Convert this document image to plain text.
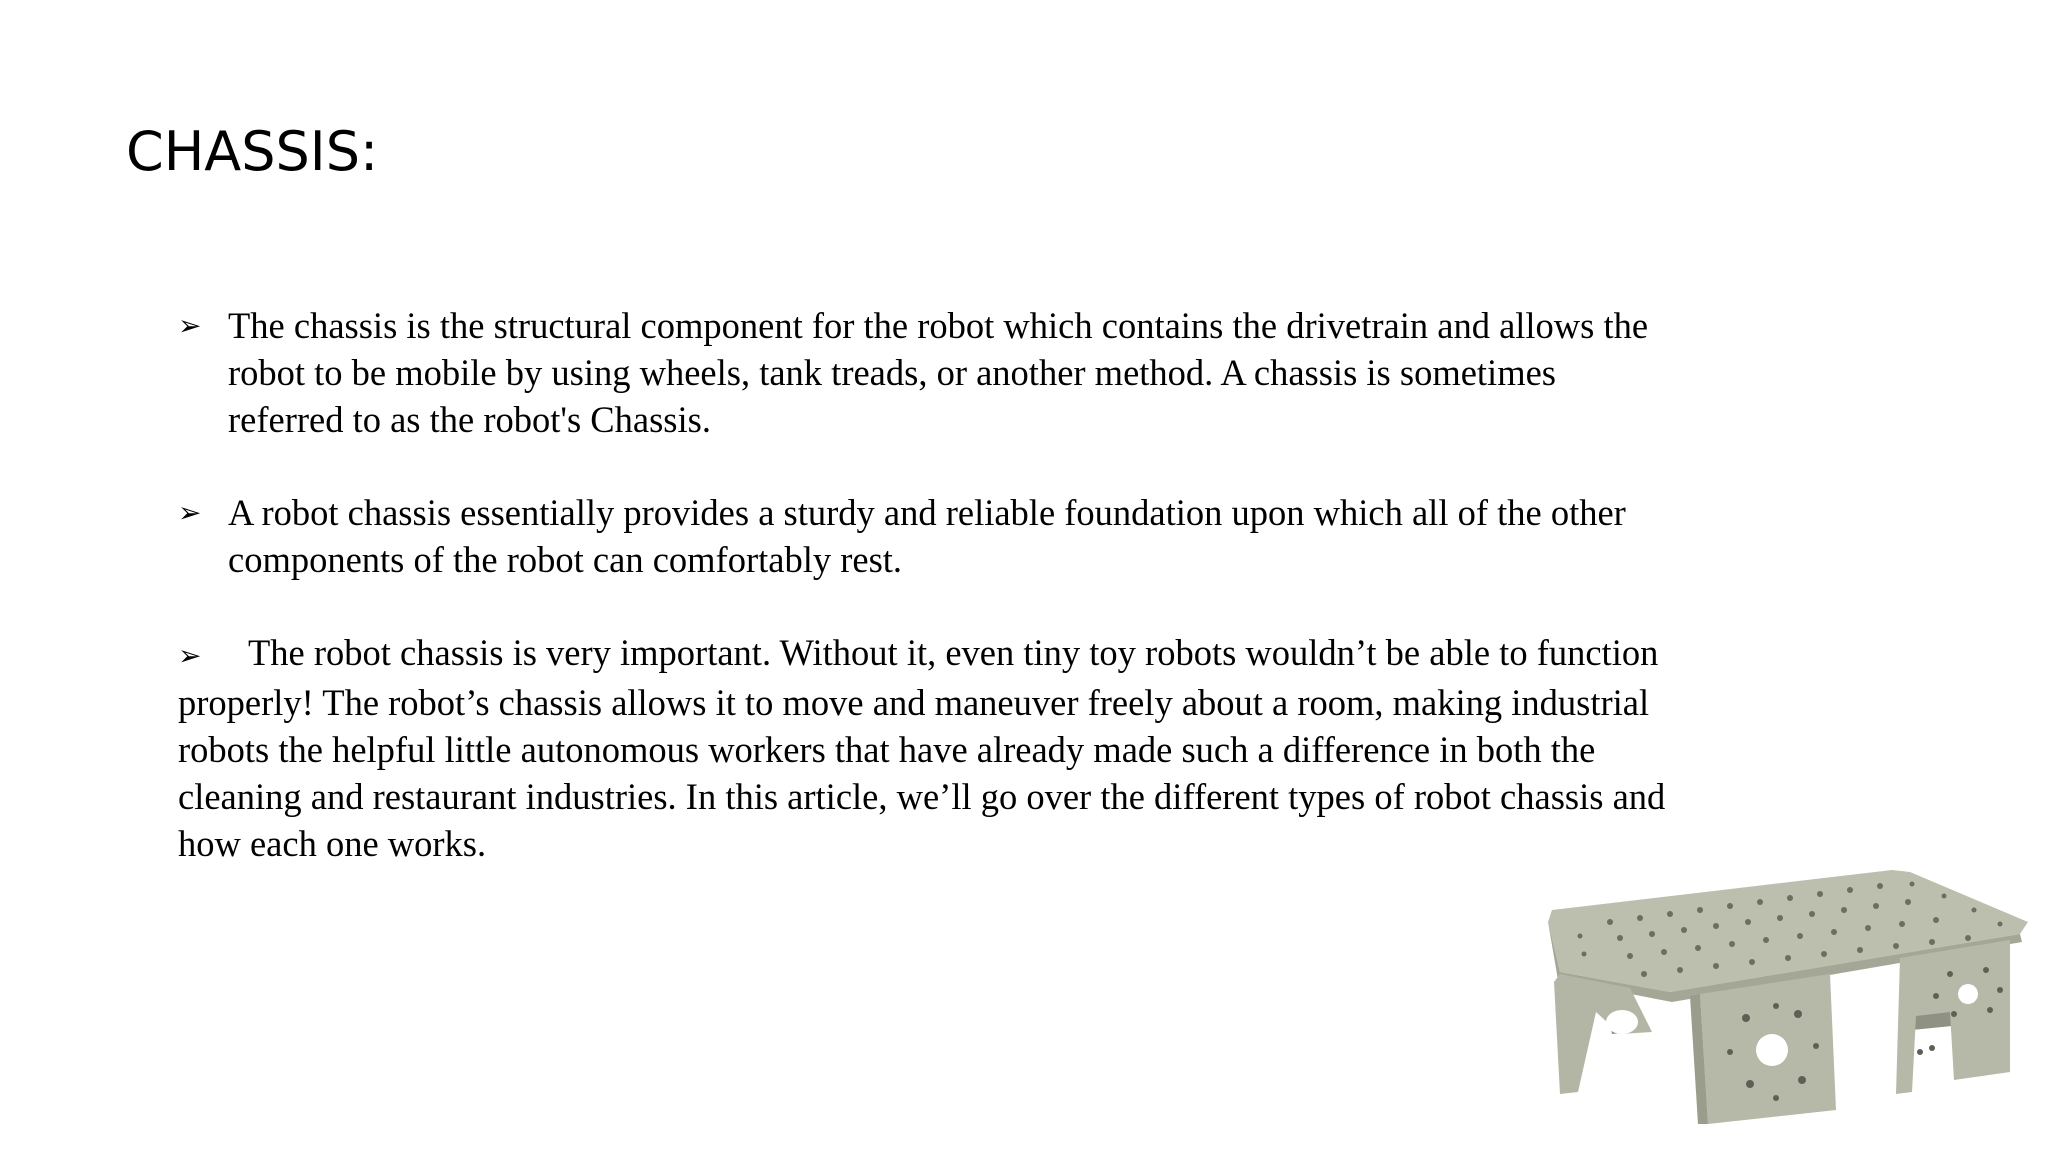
CHASSIS:

➢ The chassis is the structural component for the robot which contains the drivetrain and allows the robot to be mobile by using wheels, tank treads, or another method. A chassis is sometimes referred to as the robot's Chassis.

➢ A robot chassis essentially provides a sturdy and reliable foundation upon which all of the other components of the robot can comfortably rest.

➢ The robot chassis is very important. Without it, even tiny toy robots wouldn’t be able to function properly! The robot’s chassis allows it to move and maneuver freely about a room, making industrial robots the helpful little autonomous workers that have already made such a difference in both the cleaning and restaurant industries. In this article, we’ll go over the different types of robot chassis and how each one works.
